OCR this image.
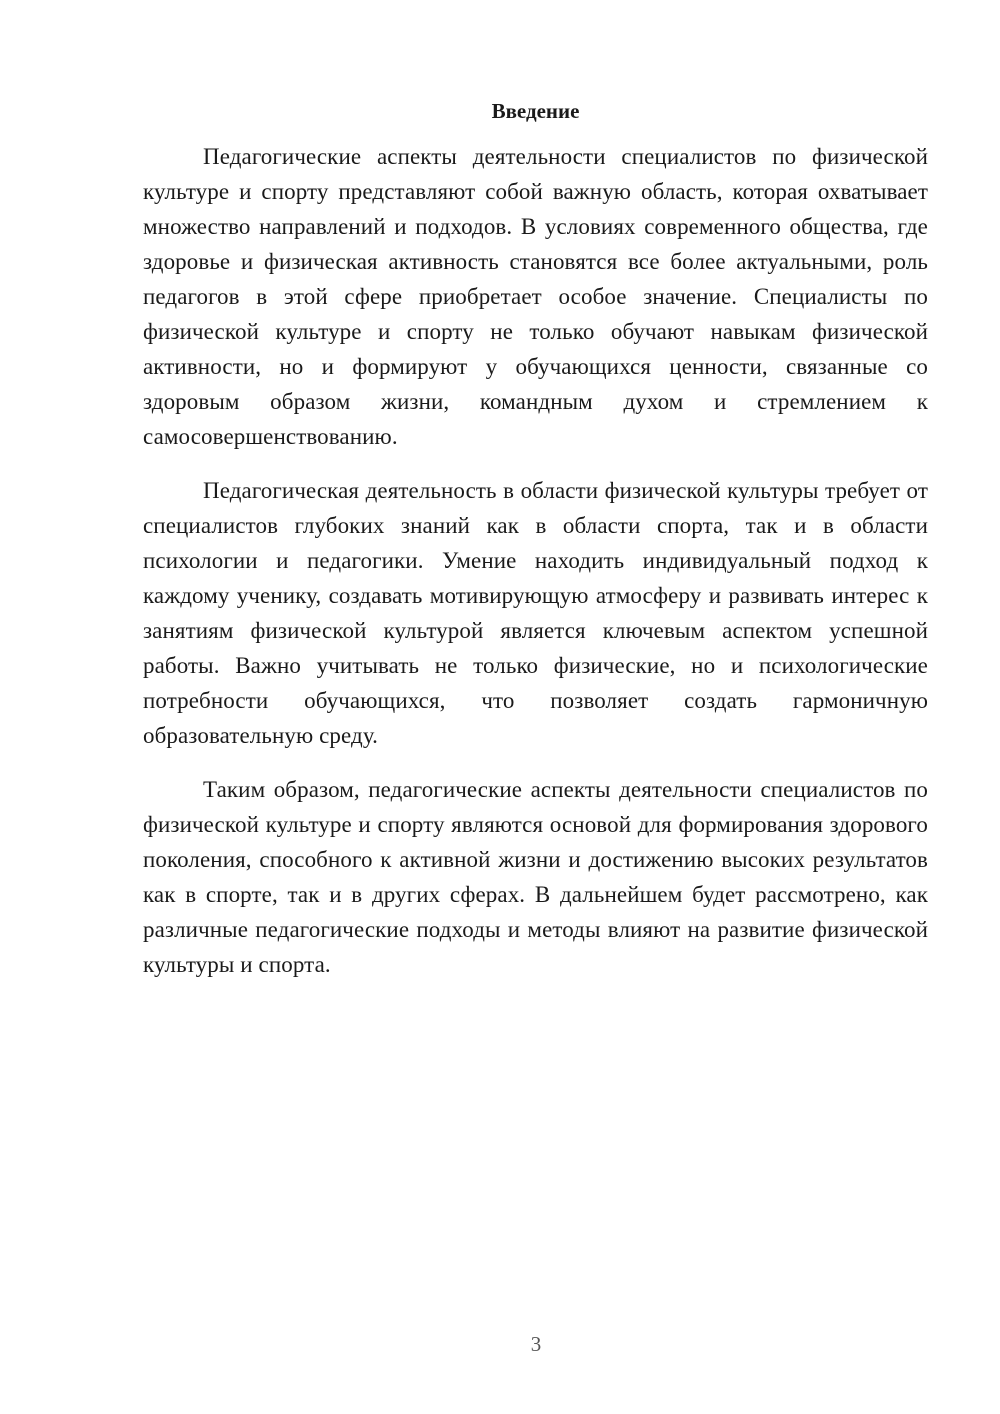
Введение

Педагогические аспекты деятельности специалистов по физической культуре и спорту представляют собой важную область, которая охватывает множество направлений и подходов. В условиях современного общества, где здоровье и физическая активность становятся все более актуальными, роль педагогов в этой сфере приобретает особое значение. Специалисты по физической культуре и спорту не только обучают навыкам физической активности, но и формируют у обучающихся ценности, связанные со здоровым образом жизни, командным духом и стремлением к самосовершенствованию.

Педагогическая деятельность в области физической культуры требует от специалистов глубоких знаний как в области спорта, так и в области психологии и педагогики. Умение находить индивидуальный подход к каждому ученику, создавать мотивирующую атмосферу и развивать интерес к занятиям физической культурой является ключевым аспектом успешной работы. Важно учитывать не только физические, но и психологические потребности обучающихся, что позволяет создать гармоничную образовательную среду.

Таким образом, педагогические аспекты деятельности специалистов по физической культуре и спорту являются основой для формирования здорового поколения, способного к активной жизни и достижению высоких результатов как в спорте, так и в других сферах. В дальнейшем будет рассмотрено, как различные педагогические подходы и методы влияют на развитие физической культуры и спорта.

3
